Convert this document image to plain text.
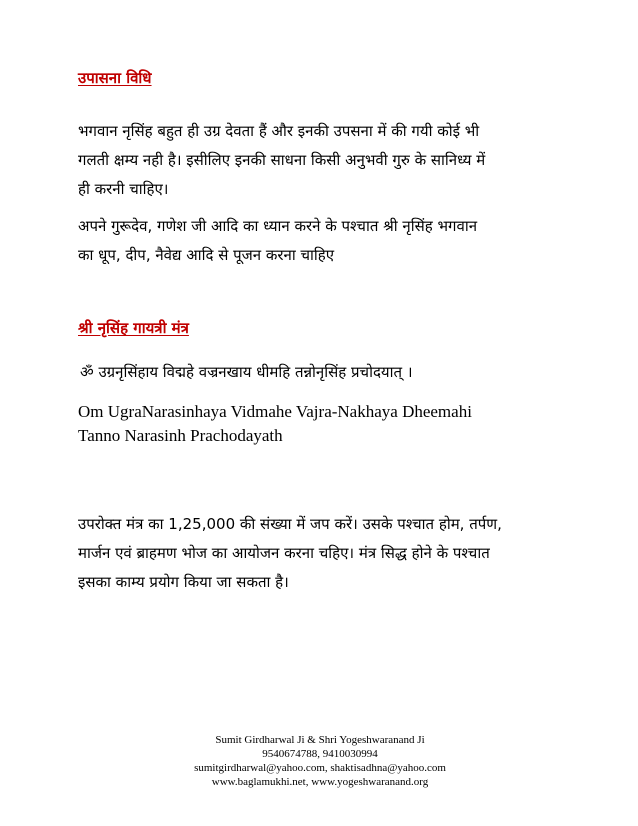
उपासना विधि

भगवान नृसिंह बहुत ही उग्र देवता हैं और इनकी उपसना में की गयी कोई भी
गलती क्षम्य नही है। इसीलिए इनकी साधना किसी अनुभवी गुरु के सानिध्य में
ही करनी चाहिए।

अपने गुरूदेव, गणेश जी आदि का ध्यान करने के पश्चात श्री नृसिंह भगवान
का धूप, दीप, नैवेद्य आदि से पूजन करना चाहिए

श्री नृसिंह गायत्री मंत्र

ॐ उग्रनृसिंहाय विद्महे वज्रनखाय धीमहि तन्नोनृसिंह प्रचोदयात् ।

Om UgraNarasinhaya Vidmahe Vajra-Nakhaya Dheemahi
Tanno Narasinh Prachodayath

उपरोक्त मंत्र का 1,25,000 की संख्या में जप करें। उसके पश्चात होम, तर्पण,
मार्जन एवं ब्राहमण भोज का आयोजन करना चहिए। मंत्र सिद्ध होने के पश्चात
इसका काम्य प्रयोग किया जा सकता है।

Sumit Girdharwal Ji & Shri Yogeshwaranand Ji
9540674788, 9410030994
sumitgirdharwal@yahoo.com, shaktisadhna@yahoo.com
www.baglamukhi.net, www.yogeshwaranand.org
